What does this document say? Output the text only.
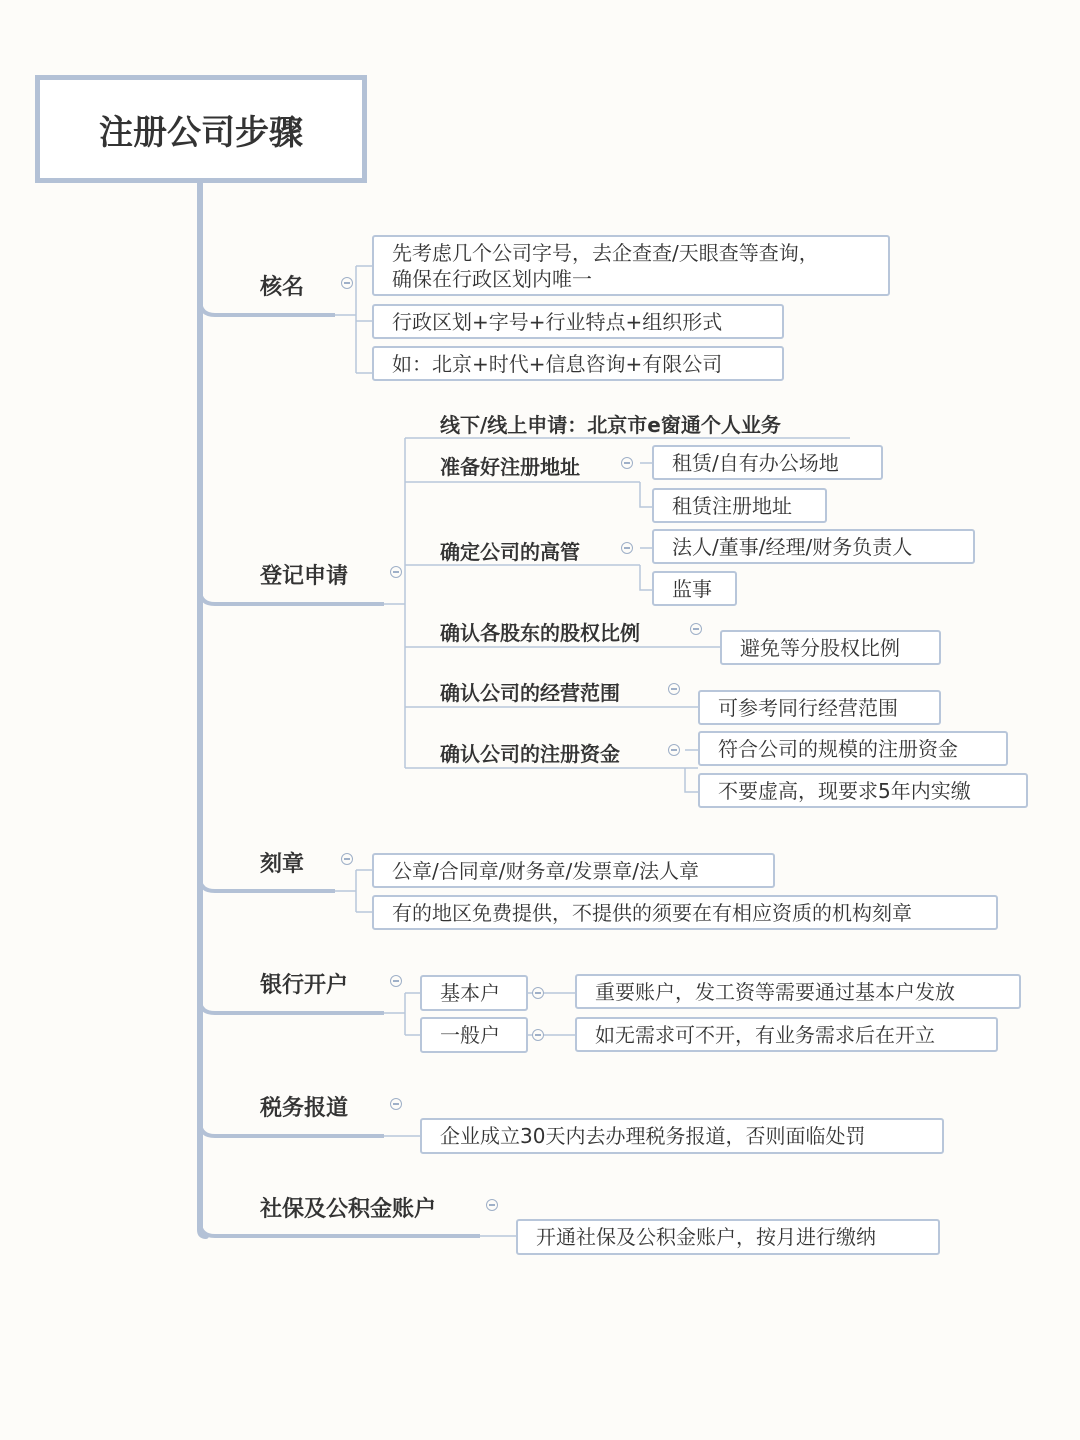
注册公司步骤
核名
先考虑几个公司字号，去企查查/天眼查等查询，
确保在行政区划内唯一
行政区划+字号+行业特点+组织形式
如：北京+时代+信息咨询+有限公司
登记申请
线下/线上申请：北京市e窗通个人业务
准备好注册地址	租赁/自有办公场地
租赁注册地址
确定公司的高管	法人/董事/经理/财务负责人
监事
确认各股东的股权比例
避免等分股权比例
确认公司的经营范围
可参考同行经营范围
确认公司的注册资金	符合公司的规模的注册资金
不要虚高，现要求5年内实缴
刻章	公章/合同章/财务章/发票章/法人章
有的地区免费提供，不提供的须要在有相应资质的机构刻章
银行开户	基本户	重要账户，发工资等需要通过基本户发放
一般户	如无需求可不开，有业务需求后在开立
税务报道
企业成立30天内去办理税务报道，否则面临处罚
社保及公积金账户
开通社保及公积金账户，按月进行缴纳
